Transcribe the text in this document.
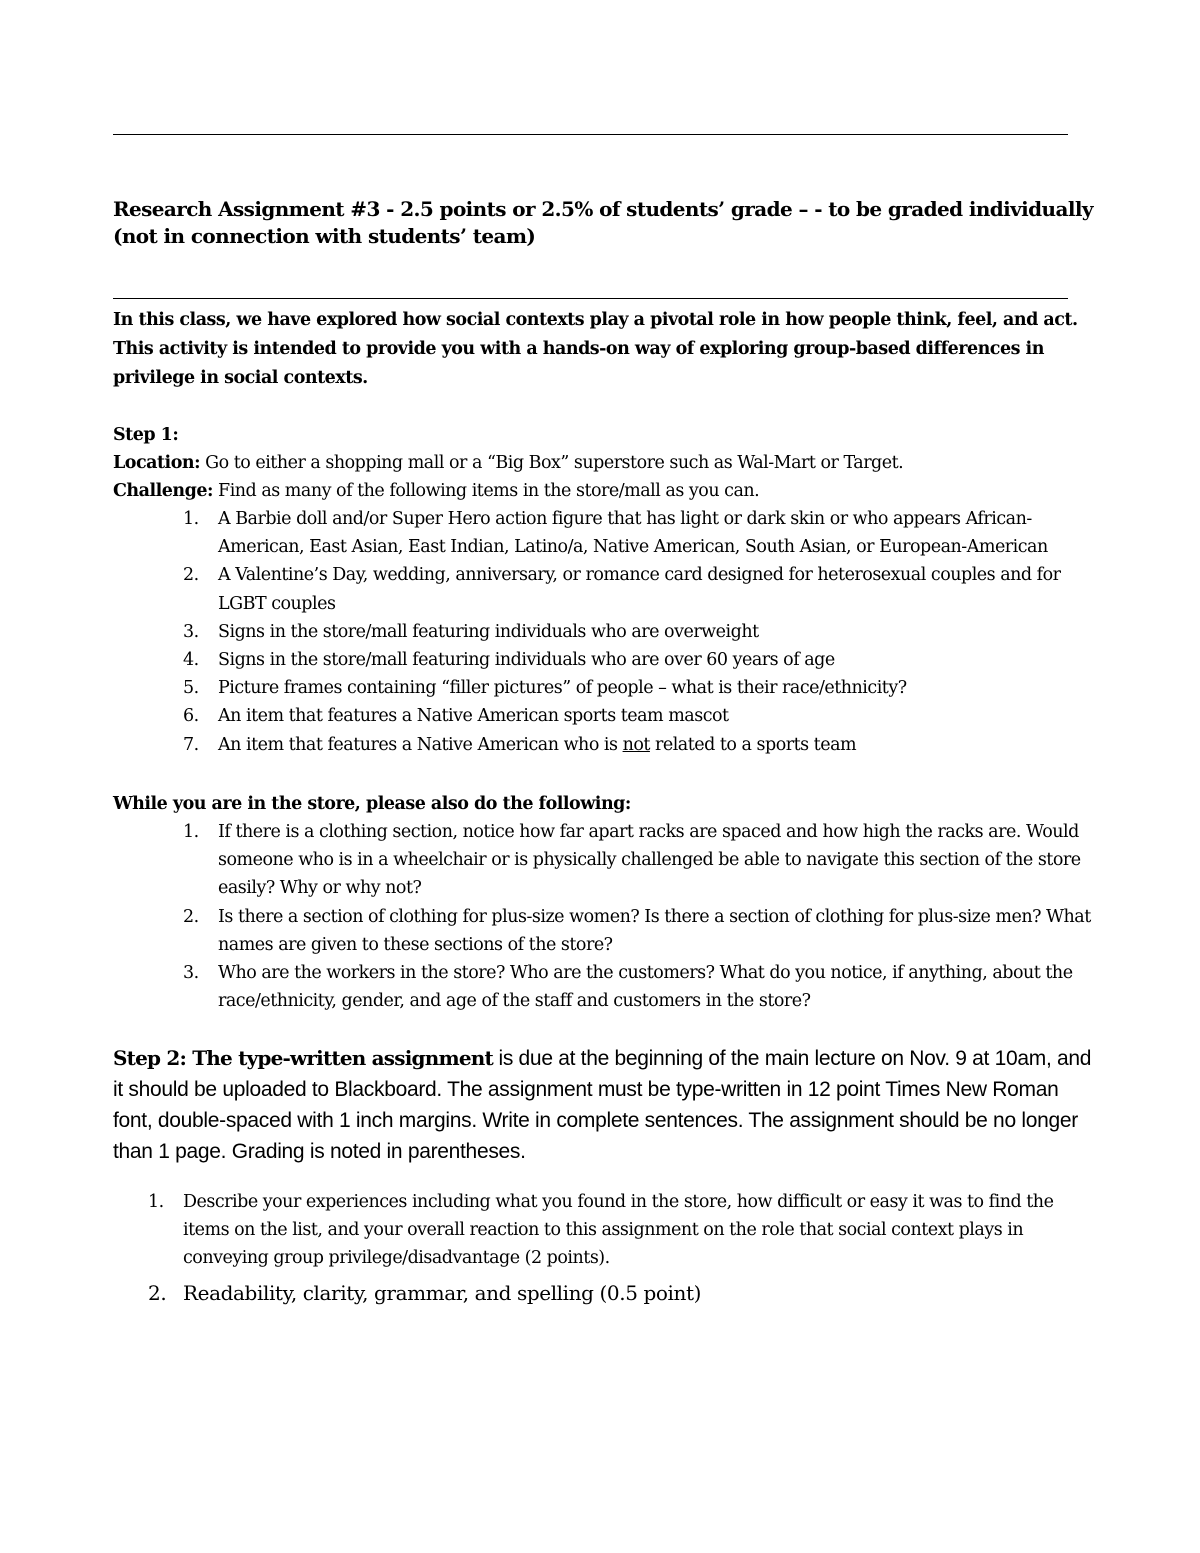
Research Assignment #3 - 2.5 points or 2.5% of students’ grade – - to be graded individually (not in connection with students’ team)
In this class, we have explored how social contexts play a pivotal role in how people think, feel, and act. This activity is intended to provide you with a hands-on way of exploring group-based differences in privilege in social contexts.
Step 1:
Location: Go to either a shopping mall or a “Big Box” superstore such as Wal-Mart or Target.
Challenge: Find as many of the following items in the store/mall as you can.
1. A Barbie doll and/or Super Hero action figure that has light or dark skin or who appears African-American, East Asian, East Indian, Latino/a, Native American, South Asian, or European-American
2. A Valentine’s Day, wedding, anniversary, or romance card designed for heterosexual couples and for LGBT couples
3. Signs in the store/mall featuring individuals who are overweight
4. Signs in the store/mall featuring individuals who are over 60 years of age
5. Picture frames containing “filler pictures” of people – what is their race/ethnicity?
6. An item that features a Native American sports team mascot
7. An item that features a Native American who is not related to a sports team
While you are in the store, please also do the following:
1. If there is a clothing section, notice how far apart racks are spaced and how high the racks are. Would someone who is in a wheelchair or is physically challenged be able to navigate this section of the store easily? Why or why not?
2. Is there a section of clothing for plus-size women? Is there a section of clothing for plus-size men? What names are given to these sections of the store?
3. Who are the workers in the store? Who are the customers? What do you notice, if anything, about the race/ethnicity, gender, and age of the staff and customers in the store?
Step 2: The type-written assignment is due at the beginning of the main lecture on Nov. 9 at 10am, and it should be uploaded to Blackboard. The assignment must be type-written in 12 point Times New Roman font, double-spaced with 1 inch margins. Write in complete sentences. The assignment should be no longer than 1 page. Grading is noted in parentheses.
1. Describe your experiences including what you found in the store, how difficult or easy it was to find the items on the list, and your overall reaction to this assignment on the role that social context plays in conveying group privilege/disadvantage (2 points).
2. Readability, clarity, grammar, and spelling (0.5 point)
